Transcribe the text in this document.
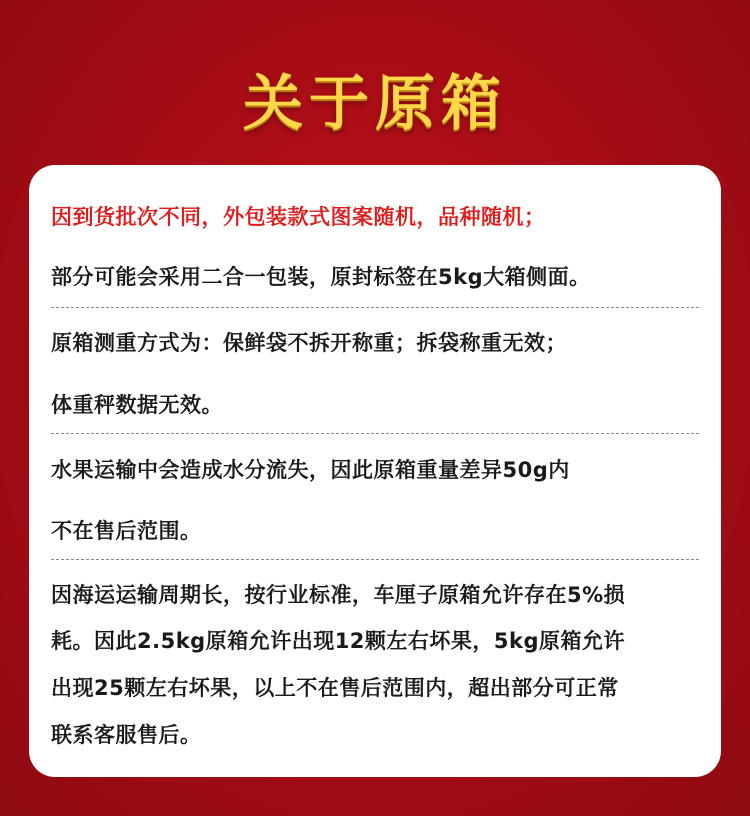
关于原箱
因到货批次不同，外包装款式图案随机，品种随机；
部分可能会采用二合一包装，原封标签在5kg大箱侧面。
原箱测重方式为：保鲜袋不拆开称重；拆袋称重无效；
体重秤数据无效。
水果运输中会造成水分流失，因此原箱重量差异50g内
不在售后范围。
因海运运输周期长，按行业标准，车厘子原箱允许存在5%损
耗。因此2.5kg原箱允许出现12颗左右坏果，5kg原箱允许
出现25颗左右坏果，以上不在售后范围内，超出部分可正常
联系客服售后。
